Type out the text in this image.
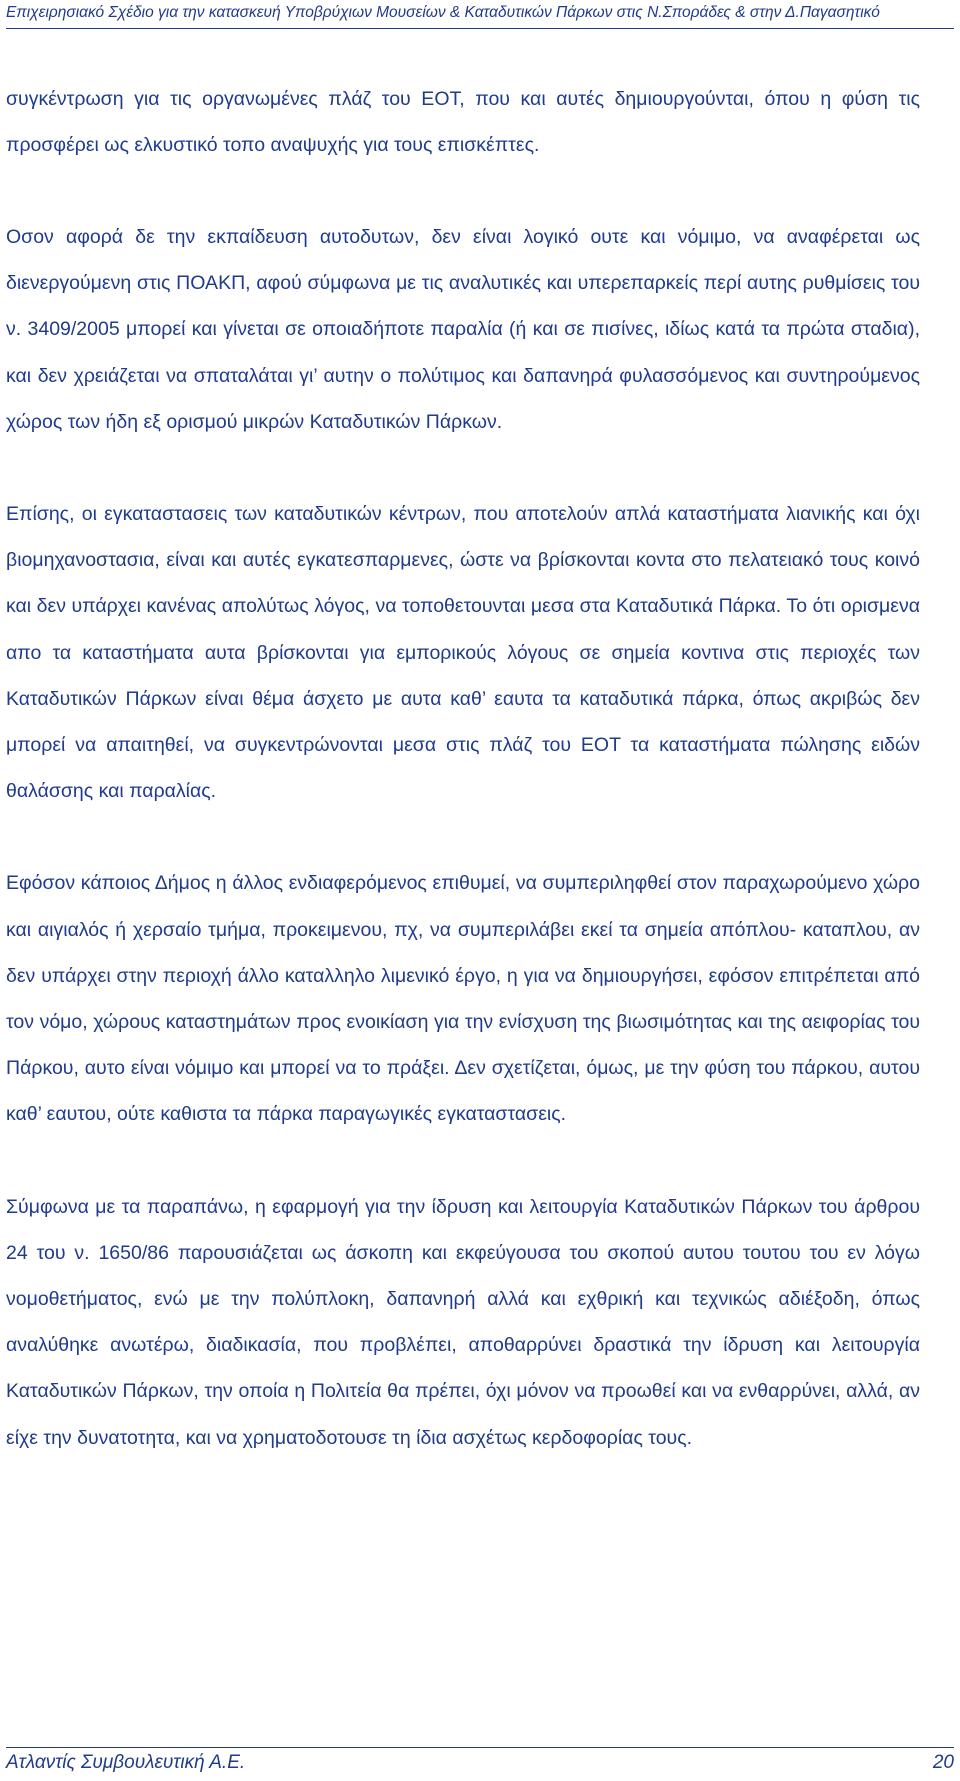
Επιχειρησιακό Σχέδιο για την κατασκευή Υποβρύχιων Μουσείων & Καταδυτικών Πάρκων στις Ν.Σποράδες & στην Δ.Παγασητικό

συγκέντρωση για τις οργανωμένες πλάζ του ΕΟΤ, που και αυτές δημιουργούνται, όπου η φύση τις προσφέρει ως ελκυστικό τοπο αναψυχής για τους επισκέπτες.

Οσον αφορά δε την εκπαίδευση αυτοδυτων, δεν είναι λογικό ουτε και νόμιμο, να αναφέρεται ως διενεργούμενη στις ΠΟΑΚΠ, αφού σύμφωνα με τις αναλυτικές και υπερεπαρκείς περί αυτης ρυθμίσεις του ν. 3409/2005 μπορεί και γίνεται σε οποιαδήποτε παραλία (ή και σε πισίνες, ιδίως κατά τα πρώτα σταδια), και δεν χρειάζεται να σπαταλάται γι’ αυτην ο πολύτιμος και δαπανηρά φυλασσόμενος και συντηρούμενος χώρος των ήδη εξ ορισμού μικρών Καταδυτικών Πάρκων.

Επίσης, οι εγκαταστασεις των καταδυτικών κέντρων, που αποτελούν απλά καταστήματα λιανικής και όχι βιομηχανοστασια, είναι και αυτές εγκατεσπαρμενες, ώστε να βρίσκονται κοντα στο πελατειακό τους κοινό και δεν υπάρχει κανένας απολύτως λόγος, να τοποθετουνται μεσα στα Καταδυτικά Πάρκα. Το ότι ορισμενα απο τα καταστήματα αυτα βρίσκονται για εμπορικούς λόγους σε σημεία κοντινα στις περιοχές των Καταδυτικών Πάρκων είναι θέμα άσχετο με αυτα καθ’ εαυτα τα καταδυτικά πάρκα, όπως ακριβώς δεν μπορεί να απαιτηθεί, να συγκεντρώνονται μεσα στις πλάζ του ΕΟΤ τα καταστήματα πώλησης ειδών θαλάσσης και παραλίας.

Εφόσον κάποιος Δήμος η άλλος ενδιαφερόμενος επιθυμεί, να συμπεριληφθεί στον παραχωρούμενο χώρο και αιγιαλός ή χερσαίο τμήμα, προκειμενου, πχ, να συμπεριλάβει εκεί τα σημεία απόπλου- καταπλου, αν δεν υπάρχει στην περιοχή άλλο καταλληλο λιμενικό έργο, η για να δημιουργήσει, εφόσον επιτρέπεται από τον νόμο, χώρους καταστημάτων προς ενοικίαση για την ενίσχυση της βιωσιμότητας και της αειφορίας του Πάρκου, αυτο είναι νόμιμο και μπορεί να το πράξει. Δεν σχετίζεται, όμως, με την φύση του πάρκου, αυτου καθ’ εαυτου, ούτε καθιστα τα πάρκα παραγωγικές εγκαταστασεις.

Σύμφωνα με τα παραπάνω, η εφαρμογή για την ίδρυση και λειτουργία Καταδυτικών Πάρκων του άρθρου 24 του ν. 1650/86 παρουσιάζεται ως άσκοπη και εκφεύγουσα του σκοπού αυτου τουτου του εν λόγω νομοθετήματος, ενώ με την πολύπλοκη, δαπανηρή αλλά και εχθρική και τεχνικώς αδιέξοδη, όπως αναλύθηκε ανωτέρω, διαδικασία, που προβλέπει, αποθαρρύνει δραστικά την ίδρυση και λειτουργία Καταδυτικών Πάρκων, την οποία η Πολιτεία θα πρέπει, όχι μόνον να προωθεί και να ενθαρρύνει, αλλά, αν είχε την δυνατοτητα, και να χρηματοδοτουσε τη ίδια ασχέτως κερδοφορίας τους.

Ατλαντίς Συμβουλευτική Α.Ε.	20
